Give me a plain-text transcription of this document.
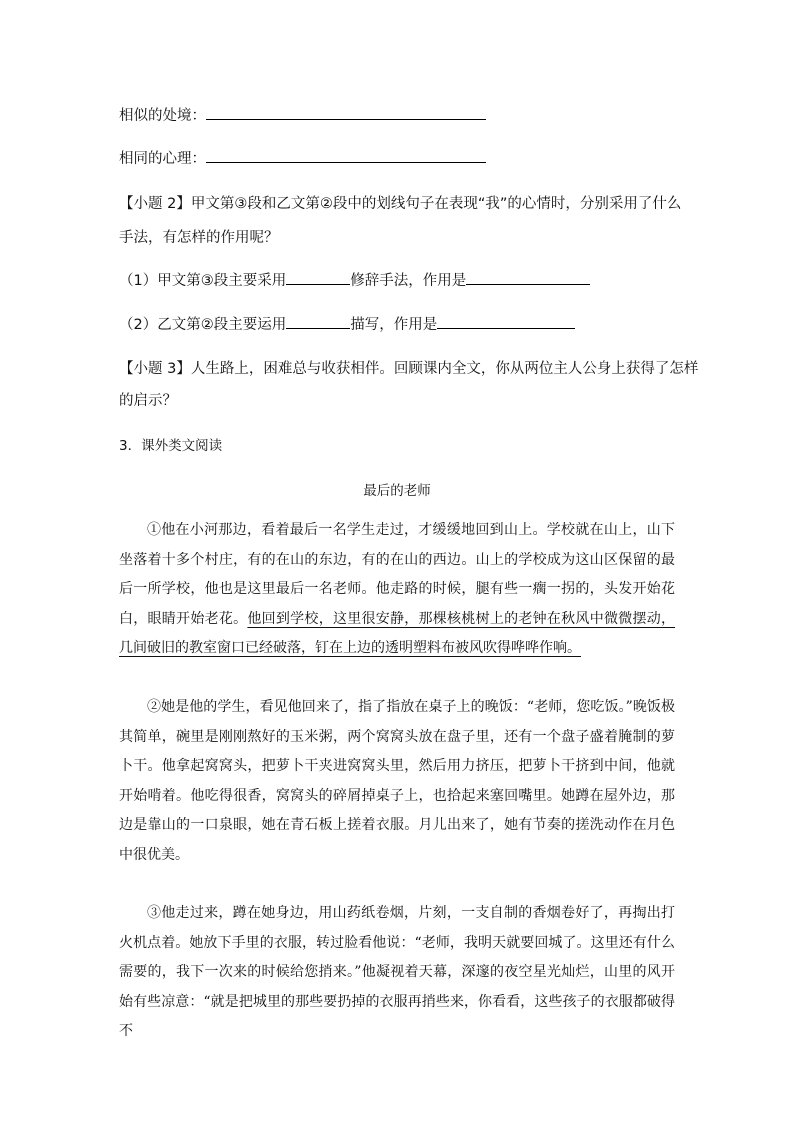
相似的处境：
相同的心理：
【小题 2】甲文第③段和乙文第②段中的划线句子在表现“我”的心情时，分别采用了什么
手法，有怎样的作用呢？
（1）甲文第③段主要采用	修辞手法，作用是
（2）乙文第②段主要运用	描写，作用是
【小题 3】人生路上，困难总与收获相伴。回顾课内全文，你从两位主人公身上获得了怎样
的启示？
3．课外类文阅读
最后的老师

①他在小河那边，看着最后一名学生走过，才缓缓地回到山上。学校就在山上，山下坐落着十多个村庄，有的在山的东边，有的在山的西边。山上的学校成为这山区保留的最后一所学校，他也是这里最后一名老师。他走路的时候，腿有些一瘸一拐的，头发开始花白，眼睛开始老花。他回到学校，这里很安静，那棵核桃树上的老钟在秋风中微微摆动，几间破旧的教室窗口已经破落，钉在上边的透明塑料布被风吹得哗哗作响。

②她是他的学生，看见他回来了，指了指放在桌子上的晚饭：“老师，您吃饭。”晚饭极其简单，碗里是刚刚熬好的玉米粥，两个窝窝头放在盘子里，还有一个盘子盛着腌制的萝卜干。他拿起窝窝头，把萝卜干夹进窝窝头里，然后用力挤压，把萝卜干挤到中间，他就开始啃着。他吃得很香，窝窝头的碎屑掉桌子上，也拾起来塞回嘴里。她蹲在屋外边，那边是靠山的一口泉眼，她在青石板上搓着衣服。月儿出来了，她有节奏的搓洗动作在月色中很优美。

③他走过来，蹲在她身边，用山药纸卷烟，片刻，一支自制的香烟卷好了，再掏出打火机点着。她放下手里的衣服，转过脸看他说：“老师，我明天就要回城了。这里还有什么需要的，我下一次来的时候给您捎来。”他凝视着天幕，深邃的夜空星光灿烂，山里的风开始有些凉意：“就是把城里的那些要扔掉的衣服再捎些来，你看看，这些孩子的衣服都破得不
